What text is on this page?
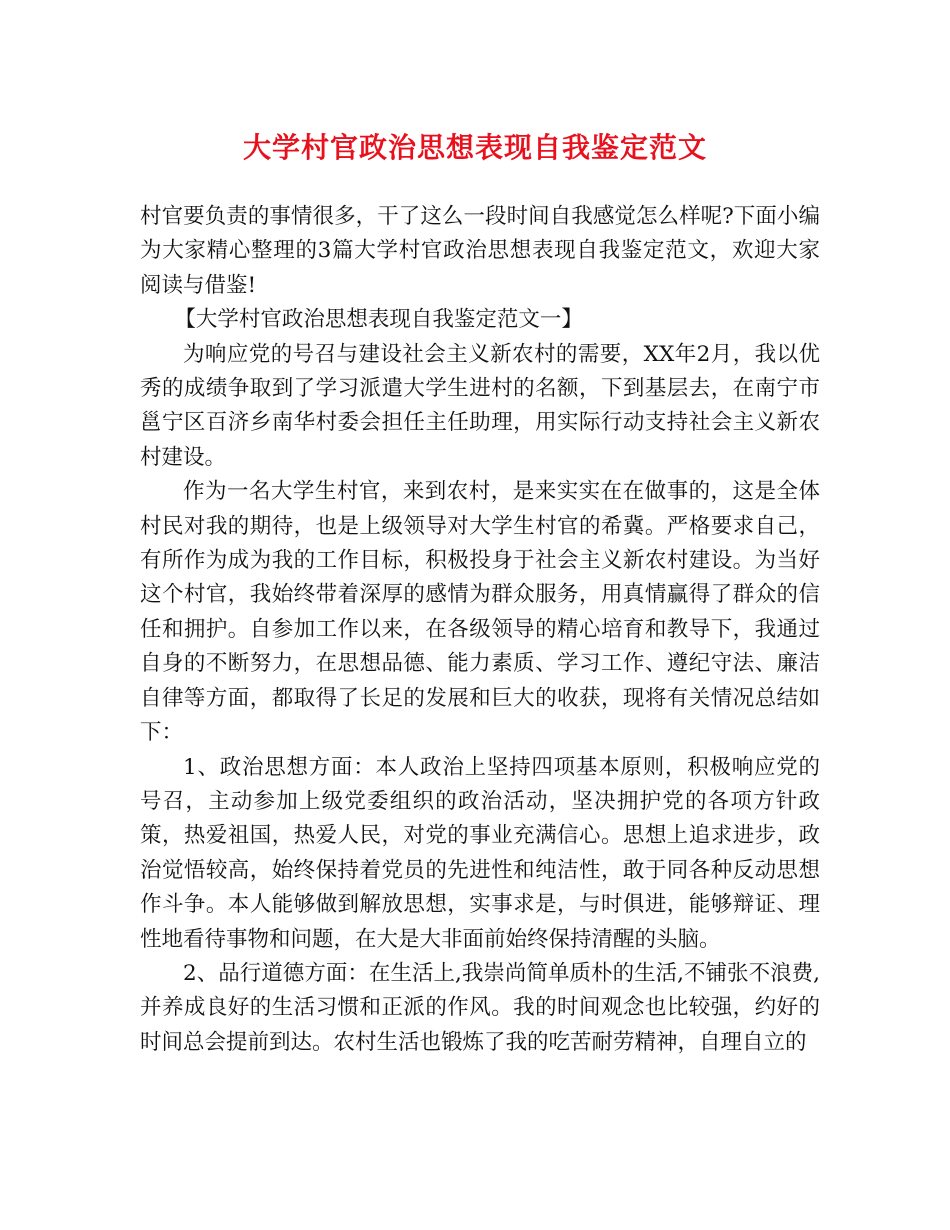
大学村官政治思想表现自我鉴定范文

村官要负责的事情很多，干了这么一段时间自我感觉怎么样呢?下面小编为大家精心整理的3篇大学村官政治思想表现自我鉴定范文，欢迎大家阅读与借鉴!

【大学村官政治思想表现自我鉴定范文一】

为响应党的号召与建设社会主义新农村的需要，XX年2月，我以优秀的成绩争取到了学习派遣大学生进村的名额，下到基层去，在南宁市邕宁区百济乡南华村委会担任主任助理，用实际行动支持社会主义新农村建设。

作为一名大学生村官，来到农村，是来实实在在做事的，这是全体村民对我的期待，也是上级领导对大学生村官的希冀。严格要求自己，有所作为成为我的工作目标，积极投身于社会主义新农村建设。为当好这个村官，我始终带着深厚的感情为群众服务，用真情赢得了群众的信任和拥护。自参加工作以来，在各级领导的精心培育和教导下，我通过自身的不断努力，在思想品德、能力素质、学习工作、遵纪守法、廉洁自律等方面，都取得了长足的发展和巨大的收获，现将有关情况总结如下：

1、政治思想方面：本人政治上坚持四项基本原则，积极响应党的号召，主动参加上级党委组织的政治活动，坚决拥护党的各项方针政策，热爱祖国，热爱人民，对党的事业充满信心。思想上追求进步，政治觉悟较高，始终保持着党员的先进性和纯洁性，敢于同各种反动思想作斗争。本人能够做到解放思想，实事求是，与时俱进，能够辩证、理性地看待事物和问题，在大是大非面前始终保持清醒的头脑。

2、品行道德方面：在生活上,我崇尚简单质朴的生活,不铺张不浪费,并养成良好的生活习惯和正派的作风。我的时间观念也比较强，约好的时间总会提前到达。农村生活也锻炼了我的吃苦耐劳精神，自理自立的
